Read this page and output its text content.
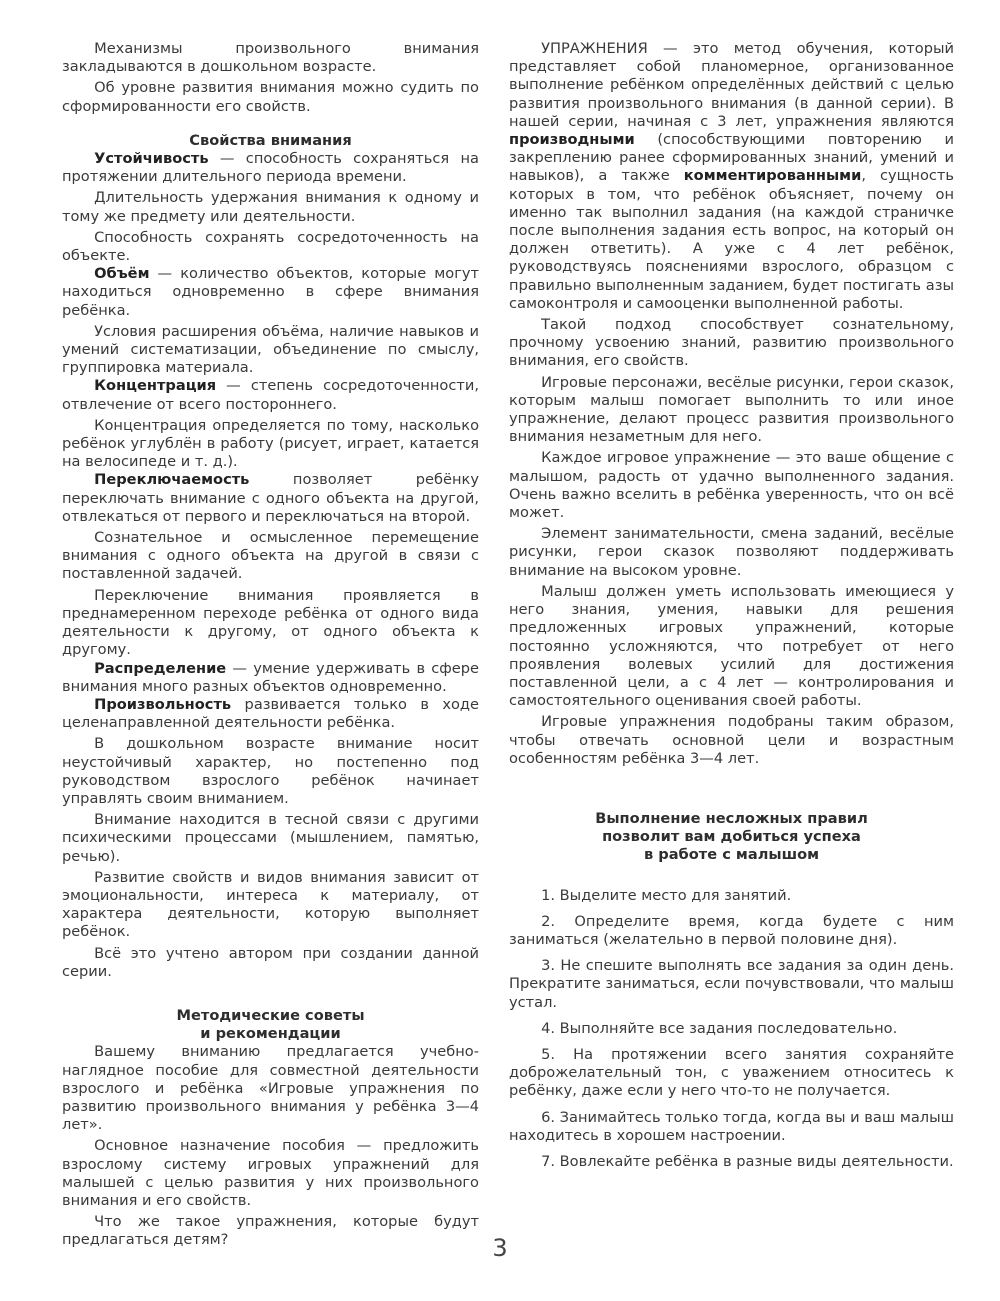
Механизмы произвольного внимания закладываются в дошкольном возрасте.

Об уровне развития внимания можно судить по сформированности его свойств.

Свойства внимания

Устойчивость — способность сохраняться на протяжении длительного периода времени.

Длительность удержания внимания к одному и тому же предмету или деятельности.

Способность сохранять сосредоточенность на объекте.

Объём — количество объектов, которые могут находиться одновременно в сфере внимания ребёнка.

Условия расширения объёма, наличие навыков и умений систематизации, объединение по смыслу, группировка материала.

Концентрация — степень сосредоточенности, отвлечение от всего постороннего.

Концентрация определяется по тому, насколько ребёнок углублён в работу (рисует, играет, катается на велосипеде и т. д.).

Переключаемость позволяет ребёнку переключать внимание с одного объекта на другой, отвлекаться от первого и переключаться на второй.

Сознательное и осмысленное перемещение внимания с одного объекта на другой в связи с поставленной задачей.

Переключение внимания проявляется в преднамеренном переходе ребёнка от одного вида деятельности к другому, от одного объекта к другому.

Распределение — умение удерживать в сфере внимания много разных объектов одновременно.

Произвольность развивается только в ходе целенаправленной деятельности ребёнка.

В дошкольном возрасте внимание носит неустойчивый характер, но постепенно под руководством взрослого ребёнок начинает управлять своим вниманием.

Внимание находится в тесной связи с другими психическими процессами (мышлением, памятью, речью).

Развитие свойств и видов внимания зависит от эмоциональности, интереса к материалу, от характера деятельности, которую выполняет ребёнок.

Всё это учтено автором при создании данной серии.

Методические советы
и рекомендации

Вашему вниманию предлагается учебно-наглядное пособие для совместной деятельности взрослого и ребёнка «Игровые упражнения по развитию произвольного внимания у ребёнка 3—4 лет».

Основное назначение пособия — предложить взрослому систему игровых упражнений для малышей с целью развития у них произвольного внимания и его свойств.

Что же такое упражнения, которые будут предлагаться детям?

УПРАЖНЕНИЯ — это метод обучения, который представляет собой планомерное, организованное выполнение ребёнком определённых действий с целью развития произвольного внимания (в данной серии). В нашей серии, начиная с 3 лет, упражнения являются производными (способствующими повторению и закреплению ранее сформированных знаний, умений и навыков), а также комментированными, сущность которых в том, что ребёнок объясняет, почему он именно так выполнил задания (на каждой страничке после выполнения задания есть вопрос, на который он должен ответить). А уже с 4 лет ребёнок, руководствуясь пояснениями взрослого, образцом с правильно выполненным заданием, будет постигать азы самоконтроля и самооценки выполненной работы.

Такой подход способствует сознательному, прочному усвоению знаний, развитию произвольного внимания, его свойств.

Игровые персонажи, весёлые рисунки, герои сказок, которым малыш помогает выполнить то или иное упражнение, делают процесс развития произвольного внимания незаметным для него.

Каждое игровое упражнение — это ваше общение с малышом, радость от удачно выполненного задания. Очень важно вселить в ребёнка уверенность, что он всё может.

Элемент занимательности, смена заданий, весёлые рисунки, герои сказок позволяют поддерживать внимание на высоком уровне.

Малыш должен уметь использовать имеющиеся у него знания, умения, навыки для решения предложенных игровых упражнений, которые постоянно усложняются, что потребует от него проявления волевых усилий для достижения поставленной цели, а с 4 лет — контролирования и самостоятельного оценивания своей работы.

Игровые упражнения подобраны таким образом, чтобы отвечать основной цели и возрастным особенностям ребёнка 3—4 лет.

Выполнение несложных правил
позволит вам добиться успеха
в работе с малышом

1. Выделите место для занятий.

2. Определите время, когда будете с ним заниматься (желательно в первой половине дня).

3. Не спешите выполнять все задания за один день. Прекратите заниматься, если почувствовали, что малыш устал.

4. Выполняйте все задания последовательно.

5. На протяжении всего занятия сохраняйте доброжелательный тон, с уважением относитесь к ребёнку, даже если у него что-то не получается.

6. Занимайтесь только тогда, когда вы и ваш малыш находитесь в хорошем настроении.

7. Вовлекайте ребёнка в разные виды деятельности.

3
